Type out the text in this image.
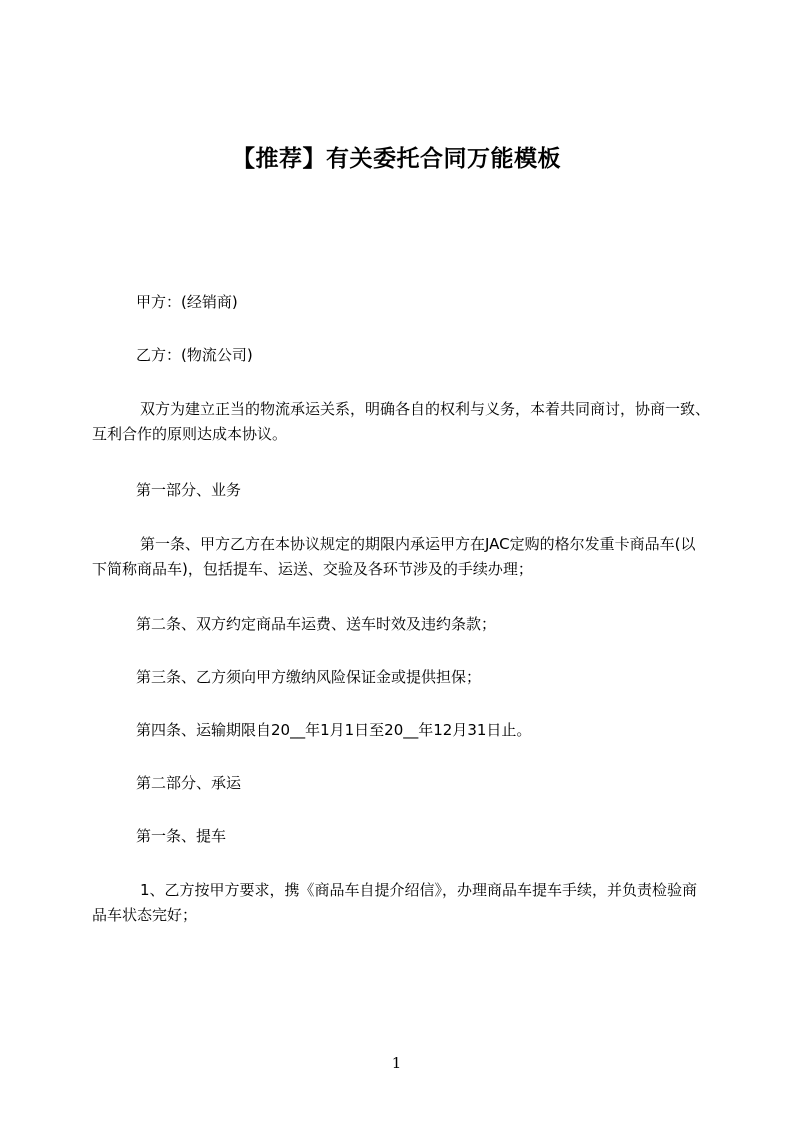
【推荐】有关委托合同万能模板

甲方：(经销商)

乙方：(物流公司)

双方为建立正当的物流承运关系，明确各自的权利与义务，本着共同商讨，协商一致、互利合作的原则达成本协议。

第一部分、业务

第一条、甲方乙方在本协议规定的期限内承运甲方在JAC定购的格尔发重卡商品车(以下简称商品车)，包括提车、运送、交验及各环节涉及的手续办理；

第二条、双方约定商品车运费、送车时效及违约条款；

第三条、乙方须向甲方缴纳风险保证金或提供担保；

第四条、运输期限自20__年1月1日至20__年12月31日止。

第二部分、承运

第一条、提车

1、乙方按甲方要求，携《商品车自提介绍信》，办理商品车提车手续，并负责检验商品车状态完好；

1
